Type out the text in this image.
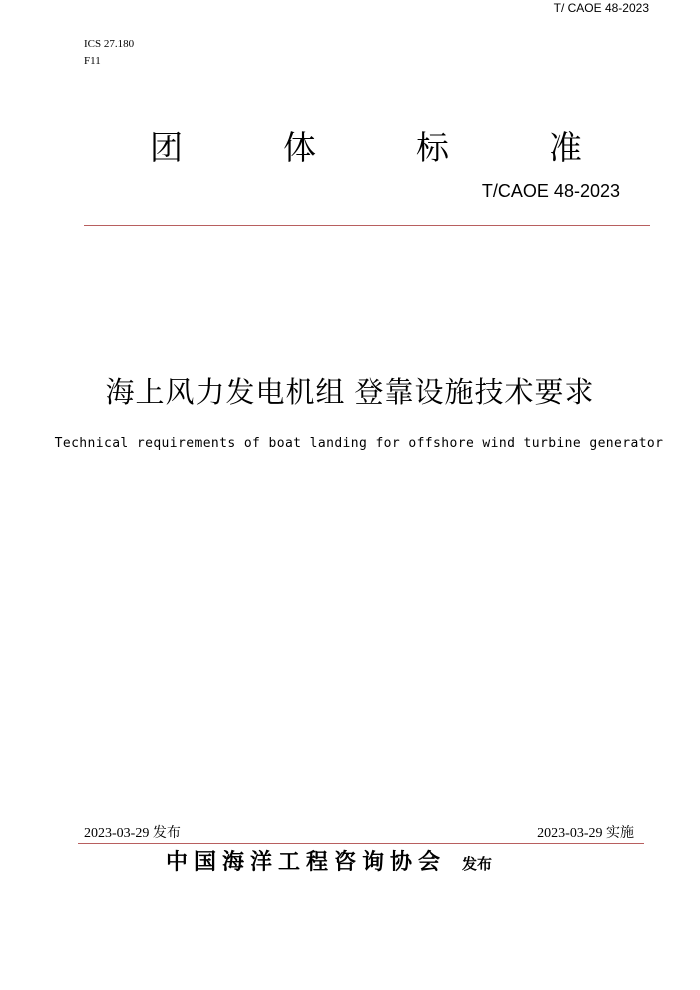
T/ CAOE 48-2023
ICS 27.180
F11
团	体	标	准
T/CAOE 48-2023
海上风力发电机组 登靠设施技术要求
Technical requirements of boat landing for offshore wind turbine generator
2023-03-29 发布	2023-03-29 实施
中国海洋工程咨询协会 发布
